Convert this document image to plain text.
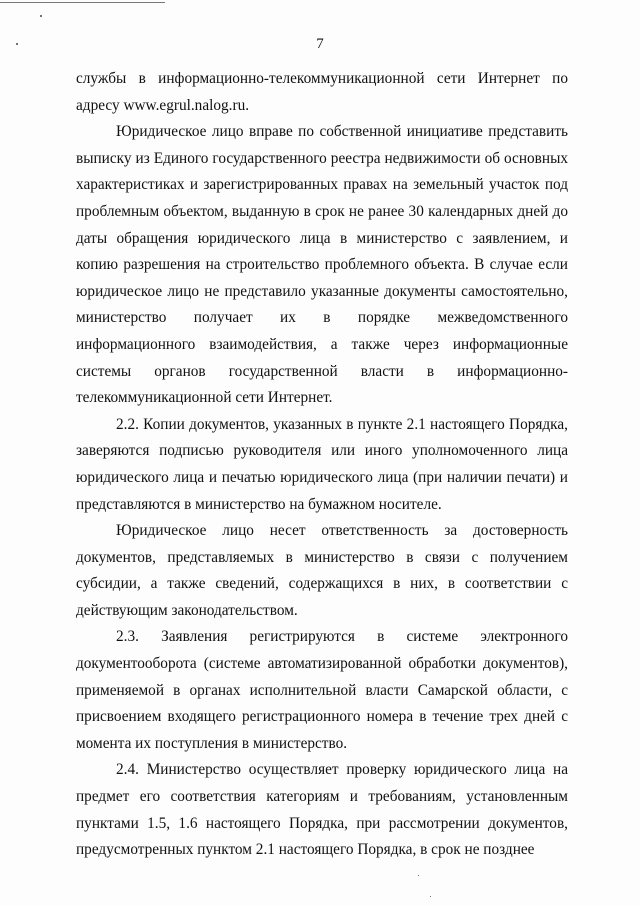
7

службы в информационно-телекоммуникационной сети Интернет по адресу www.egrul.nalog.ru.

Юридическое лицо вправе по собственной инициативе представить выписку из Единого государственного реестра недвижимости об основных характеристиках и зарегистрированных правах на земельный участок под проблемным объектом, выданную в срок не ранее 30 календарных дней до даты обращения юридического лица в министерство с заявлением, и копию разрешения на строительство проблемного объекта. В случае если юридическое лицо не представило указанные документы самостоятельно, министерство получает их в порядке межведомственного информационного взаимодействия, а также через информационные системы органов государственной власти в информационно-телекоммуникационной сети Интернет.

2.2. Копии документов, указанных в пункте 2.1 настоящего Порядка, заверяются подписью руководителя или иного уполномоченного лица юридического лица и печатью юридического лица (при наличии печати) и представляются в министерство на бумажном носителе.

Юридическое лицо несет ответственность за достоверность документов, представляемых в министерство в связи с получением субсидии, а также сведений, содержащихся в них, в соответствии с действующим законодательством.

2.3. Заявления регистрируются в системе электронного документооборота (системе автоматизированной обработки документов), применяемой в органах исполнительной власти Самарской области, с присвоением входящего регистрационного номера в течение трех дней с момента их поступления в министерство.

2.4. Министерство осуществляет проверку юридического лица на предмет его соответствия категориям и требованиям, установленным пунктами 1.5, 1.6 настоящего Порядка, при рассмотрении документов, предусмотренных пунктом 2.1 настоящего Порядка, в срок не позднее
